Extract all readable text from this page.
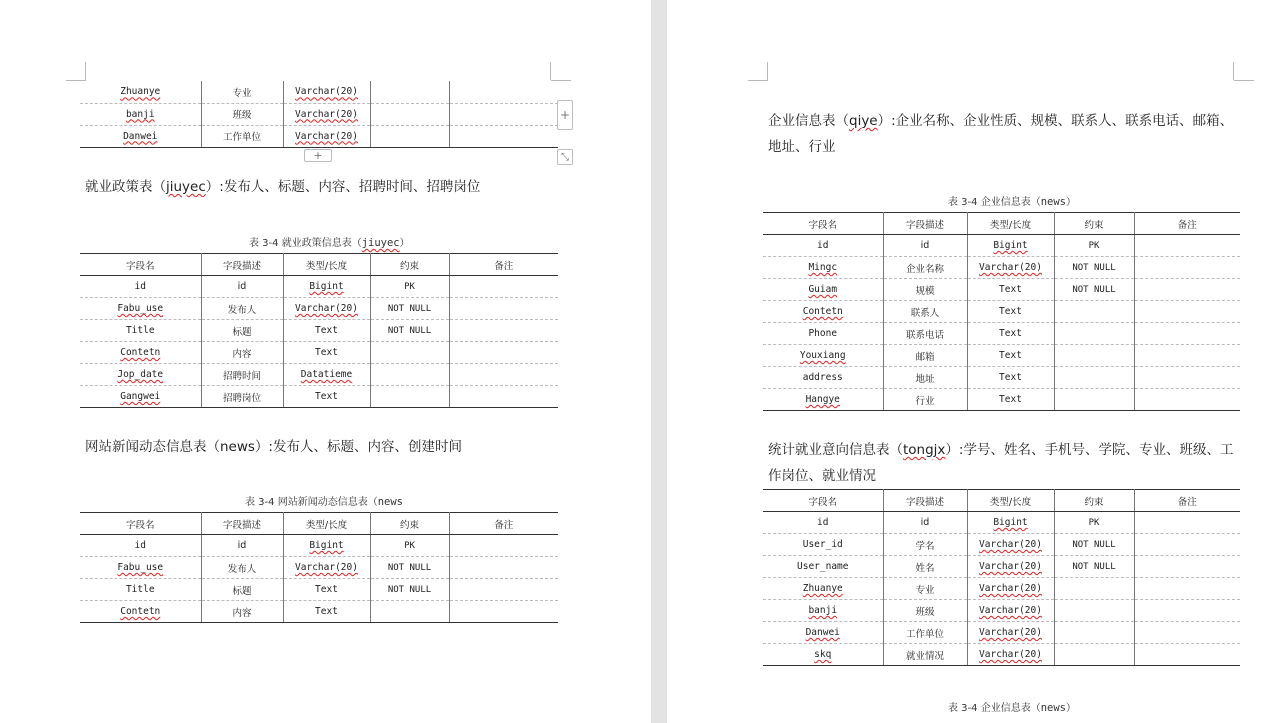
Zhuanye	专业	Varchar(20)		
banji	班级	Varchar(20)		
Danwei	工作单位	Varchar(20)		
+
+	⤡
就业政策表（jiuyec）:发布人、标题、内容、招聘时间、招聘岗位
表 3-4 就业政策信息表（jiuyec）
字段名	字段描述	类型/长度	约束	备注
id	id	Bigint	PK	
Fabu_use	发布人	Varchar(20)	NOT NULL	
Title	标题	Text	NOT NULL	
Contetn	内容	Text		
Jop_date	招聘时间	Datatieme		
Gangwei	招聘岗位	Text		
网站新闻动态信息表（news）:发布人、标题、内容、创建时间
表 3-4 网站新闻动态信息表（news
字段名	字段描述	类型/长度	约束	备注
id	id	Bigint	PK	
Fabu_use	发布人	Varchar(20)	NOT NULL	
Title	标题	Text	NOT NULL	
Contetn	内容	Text		
企业信息表（qiye）:企业名称、企业性质、规模、联系人、联系电话、邮箱、
地址、行业
表 3-4 企业信息表（news）
字段名	字段描述	类型/长度	约束	备注
id	id	Bigint	PK	
Mingc	企业名称	Varchar(20)	NOT NULL	
Guiam	规模	Text	NOT NULL	
Contetn	联系人	Text		
Phone	联系电话	Text		
Youxiang	邮箱	Text		
address	地址	Text		
Hangye	行业	Text		
统计就业意向信息表（tongjx）:学号、姓名、手机号、学院、专业、班级、工
作岗位、就业情况
字段名	字段描述	类型/长度	约束	备注
id	id	Bigint	PK	
User_id	学名	Varchar(20)	NOT NULL	
User_name	姓名	Varchar(20)	NOT NULL	
Zhuanye	专业	Varchar(20)		
banji	班级	Varchar(20)		
Danwei	工作单位	Varchar(20)		
skq	就业情况	Varchar(20)		
表 3-4 企业信息表（news）
